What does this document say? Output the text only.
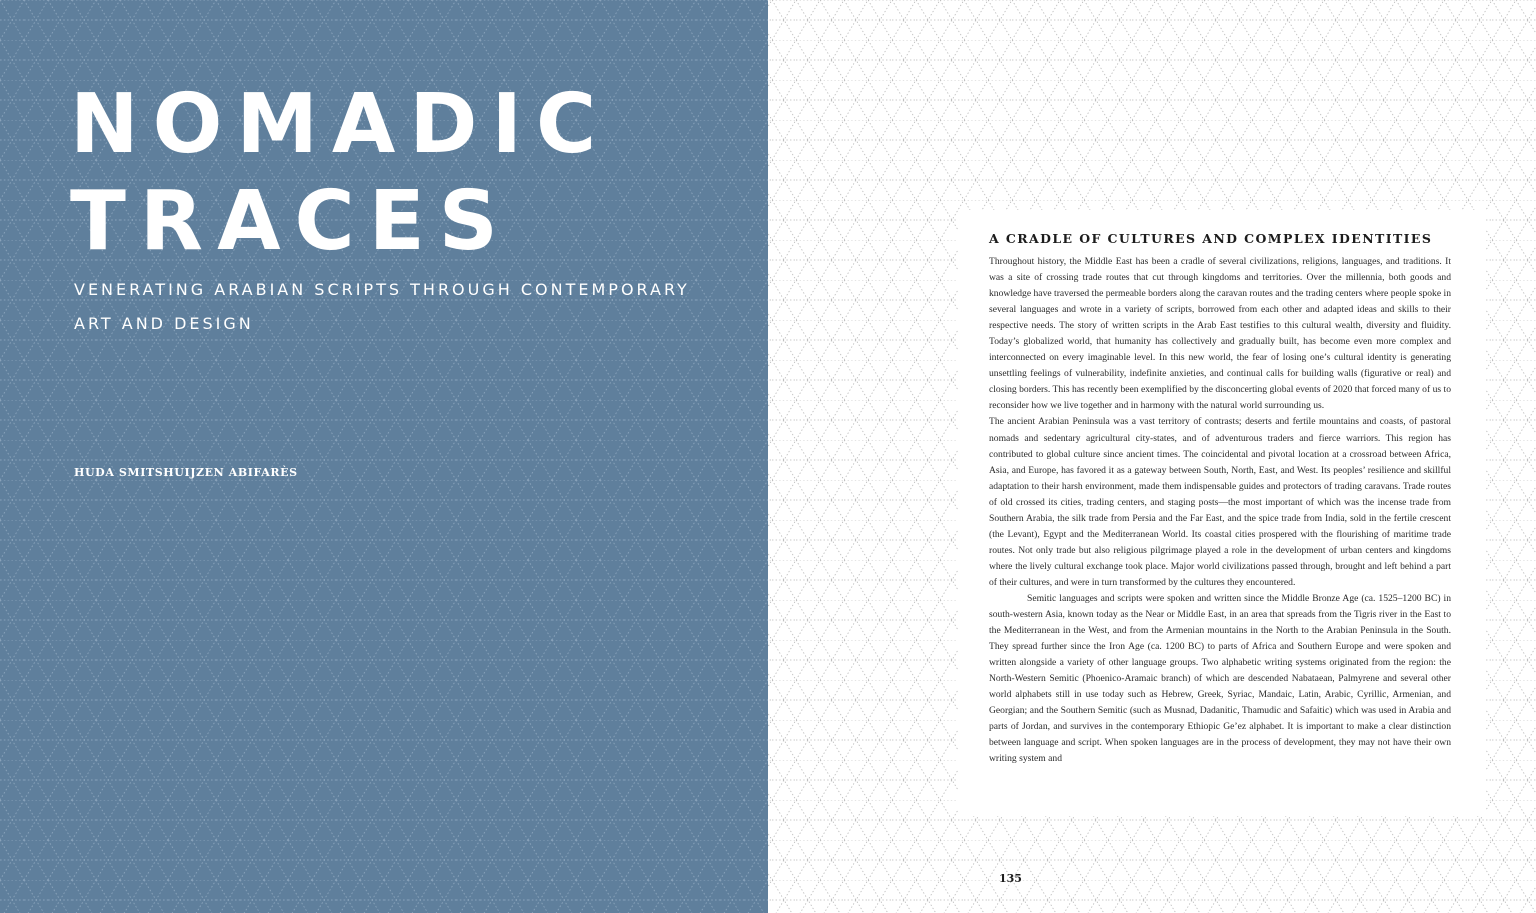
NOMADIC
TRACES

VENERATING ARABIAN SCRIPTS THROUGH CONTEMPORARY ART AND DESIGN

HUDA SMITSHUIJZEN ABIFARÈS

A CRADLE OF CULTURES AND COMPLEX IDENTITIES

Throughout history, the Middle East has been a cradle of several civilizations, religions, languages, and traditions. It was a site of crossing trade routes that cut through kingdoms and territories. Over the millennia, both goods and knowledge have traversed the permeable borders along the caravan routes and the trading centers where people spoke in several languages and wrote in a variety of scripts, borrowed from each other and adapted ideas and skills to their respective needs. The story of written scripts in the Arab East testifies to this cultural wealth, diversity and fluidity. Today’s globalized world, that humanity has collectively and gradually built, has become even more complex and interconnected on every imaginable level. In this new world, the fear of losing one’s cultural identity is generating unsettling feelings of vulnerability, indefinite anxieties, and continual calls for building walls (figurative or real) and closing borders. This has recently been exemplified by the disconcerting global events of 2020 that forced many of us to reconsider how we live together and in harmony with the natural world surrounding us.

The ancient Arabian Peninsula was a vast territory of contrasts; deserts and fertile mountains and coasts, of pastoral nomads and sedentary agricultural city-states, and of adventurous traders and fierce warriors. This region has contributed to global culture since ancient times. The coincidental and pivotal location at a crossroad between Africa, Asia, and Europe, has favored it as a gateway between South, North, East, and West. Its peoples’ resilience and skillful adaptation to their harsh environment, made them indispensable guides and protectors of trading caravans. Trade routes of old crossed its cities, trading centers, and staging posts—the most important of which was the incense trade from Southern Arabia, the silk trade from Persia and the Far East, and the spice trade from India, sold in the fertile crescent (the Levant), Egypt and the Mediterranean World. Its coastal cities prospered with the flourishing of maritime trade routes. Not only trade but also religious pilgrimage played a role in the development of urban centers and kingdoms where the lively cultural exchange took place. Major world civilizations passed through, brought and left behind a part of their cultures, and were in turn transformed by the cultures they encountered.

Semitic languages and scripts were spoken and written since the Middle Bronze Age (ca. 1525–1200 BC) in south-western Asia, known today as the Near or Middle East, in an area that spreads from the Tigris river in the East to the Mediterranean in the West, and from the Armenian mountains in the North to the Arabian Peninsula in the South. They spread further since the Iron Age (ca. 1200 BC) to parts of Africa and Southern Europe and were spoken and written alongside a variety of other language groups. Two alphabetic writing systems originated from the region: the North-Western Semitic (Phoenico-Aramaic branch) of which are descended Nabataean, Palmyrene and several other world alphabets still in use today such as Hebrew, Greek, Syriac, Mandaic, Latin, Arabic, Cyrillic, Armenian, and Georgian; and the Southern Semitic (such as Musnad, Dadanitic, Thamudic and Safaitic) which was used in Arabia and parts of Jordan, and survives in the contemporary Ethiopic Ge’ez alphabet. It is important to make a clear distinction between language and script. When spoken languages are in the process of development, they may not have their own writing system and

135
